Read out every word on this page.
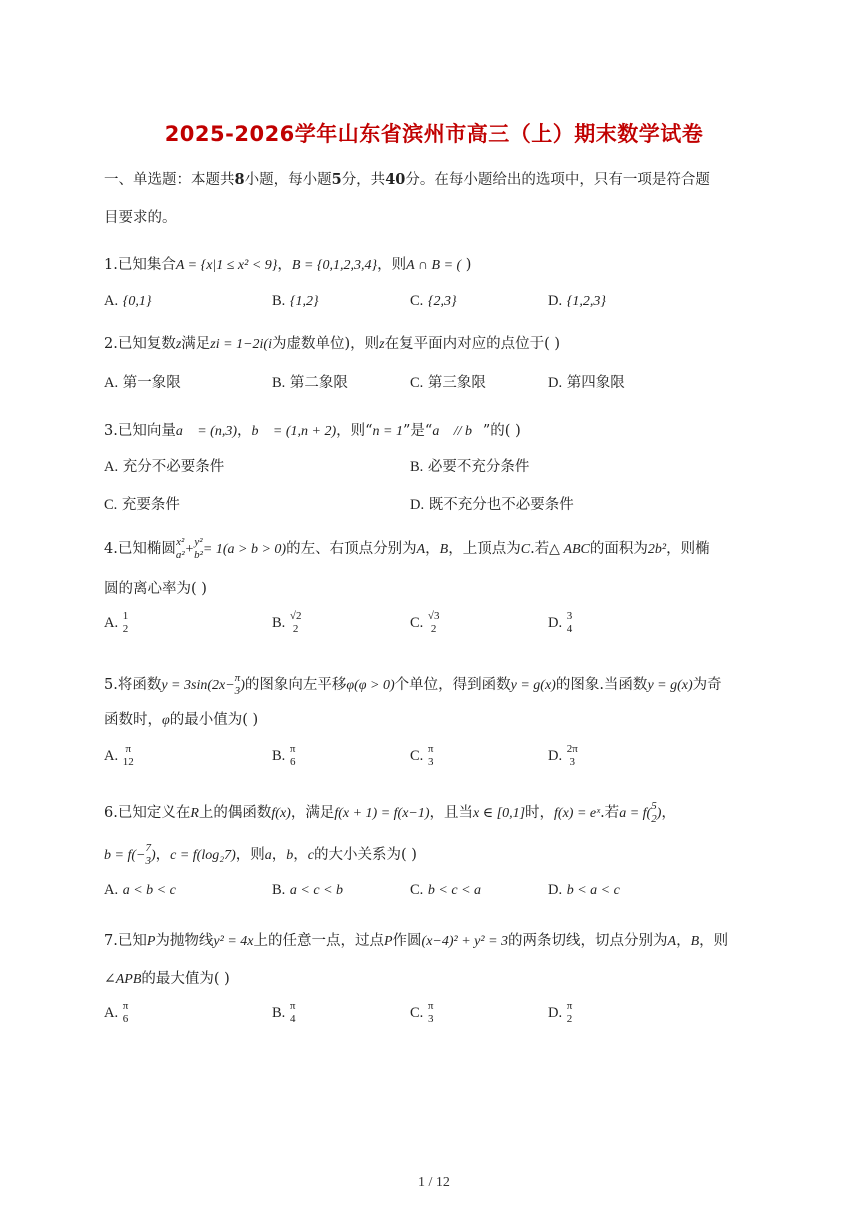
2025-2026学年山东省滨州市高三（上）期末数学试卷
一、单选题：本题共8小题，每小题5分，共40分。在每小题给出的选项中，只有一项是符合题
目要求的。
1.已知集合A = {x|1 ≤ x² < 9}，B = {0,1,2,3,4}，则A ∩ B = ( )
A. {0,1}	B. {1,2}	C. {2,3}	D. {1,2,3}
2.已知复数z满足zi = 1−2i(i为虚数单位)，则z在复平面内对应的点位于( )
A. 第一象限	B. 第二象限	C. 第三象限	D. 第四象限
3.已知向量a⃗ = (n,3)，b⃗ = (1,n + 2)，则“n = 1”是“a⃗ // b⃗”的( )
A. 充分不必要条件	B. 必要不充分条件
C. 充要条件	D. 既不充分也不必要条件
4.已知椭圆 x²
a² + y²
b² = 1(a > b > 0)的左、右顶点分别为A，B，上顶点为C.若△ ABC的面积为2b²，则椭
圆的离心率为( )
A. 1
2	B. √2
2	C. √3
2	D. 3
4
5.将函数y = 3sin(2x− π
3 )的图象向左平移φ(φ > 0)个单位，得到函数y = g(x)的图象.当函数y = g(x)为奇
函数时，φ的最小值为( )
A. π
12	B. π
6	C. π
3	D. 2π
3
6.已知定义在R上的偶函数f(x)，满足f(x + 1) = f(x−1)，且当x ∈ [0,1]时，f(x) = eˣ.若a = f( 5
2 )，
b = f(− 7
3 )，c = f(log₂7)，则a，b，c的大小关系为( )
A. a < b < c	B. a < c < b	C. b < c < a	D. b < a < c
7.已知P为抛物线y² = 4x上的任意一点，过点P作圆(x−4)² + y² = 3的两条切线，切点分别为A，B，则
∠APB的最大值为( )
A. π
6	B. π
4	C. π
3	D. π
2
1 / 12
